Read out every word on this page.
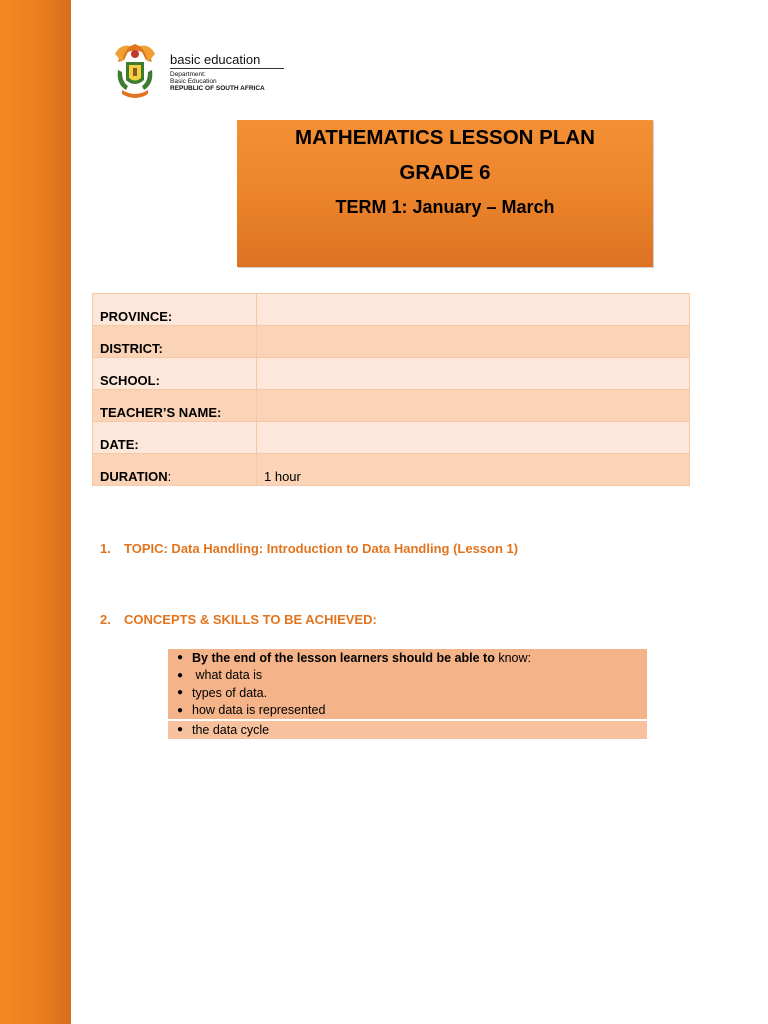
basic education
Department:
Basic Education
REPUBLIC OF SOUTH AFRICA
MATHEMATICS LESSON PLAN
GRADE 6
TERM 1: January – March
PROVINCE:	
DISTRICT:	
SCHOOL:	
TEACHER’S NAME:	
DATE:	
DURATION:	1 hour
1. TOPIC: Data Handling: Introduction to Data Handling (Lesson 1)
2. CONCEPTS & SKILLS TO BE ACHIEVED:
● By the end of the lesson learners should be able to know:
● what data is
● types of data.
● how data is represented
● the data cycle
